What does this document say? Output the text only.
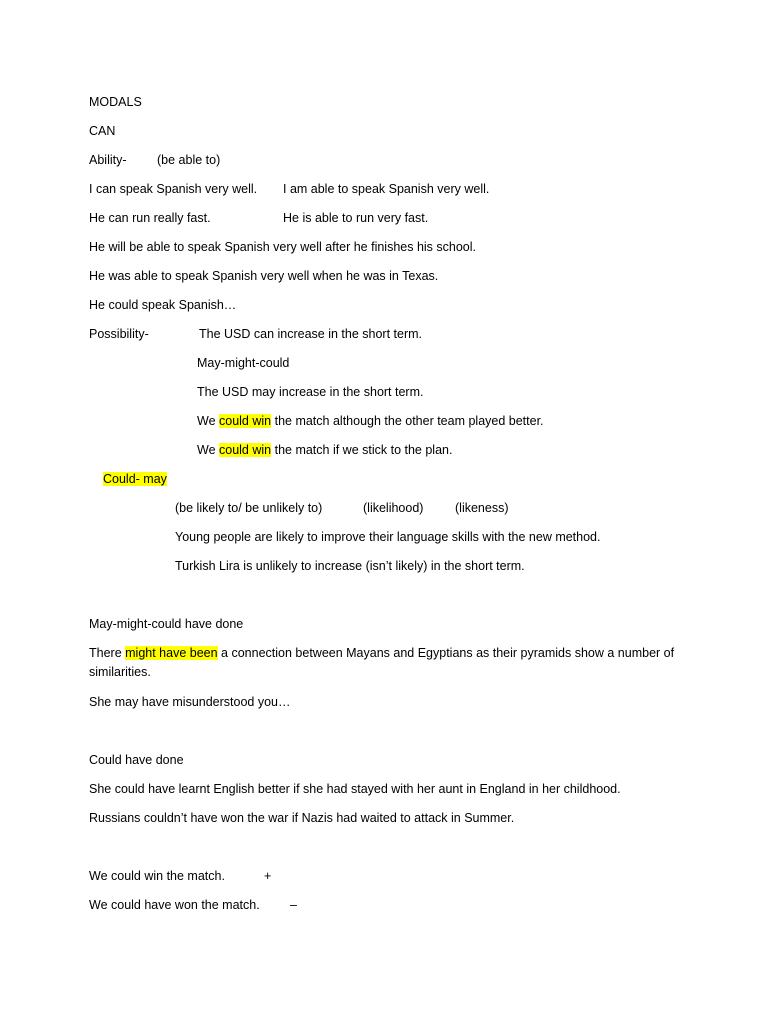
MODALS
CAN
Ability- (be able to)
I can speak Spanish very well. I am able to speak Spanish very well.
He can run really fast.	He is able to run very fast.
He will be able to speak Spanish very well after he finishes his school.
He was able to speak Spanish very well when he was in Texas.
He could speak Spanish…
Possibility-	The USD can increase in the short term.
May-might-could
The USD may increase in the short term.
We could win the match although the other team played better.
We could win the match if we stick to the plan.
Could- may
(be likely to/ be unlikely to)	(likelihood)	(likeness)
Young people are likely to improve their language skills with the new method.
Turkish Lira is unlikely to increase (isn’t likely) in the short term.
May-might-could have done
There might have been a connection between Mayans and Egyptians as their pyramids show a number of
similarities.
She may have misunderstood you…
Could have done
She could have learnt English better if she had stayed with her aunt in England in her childhood.
Russians couldn’t have won the war if Nazis had waited to attack in Summer.
We could win the match.	+
We could have won the match. –
